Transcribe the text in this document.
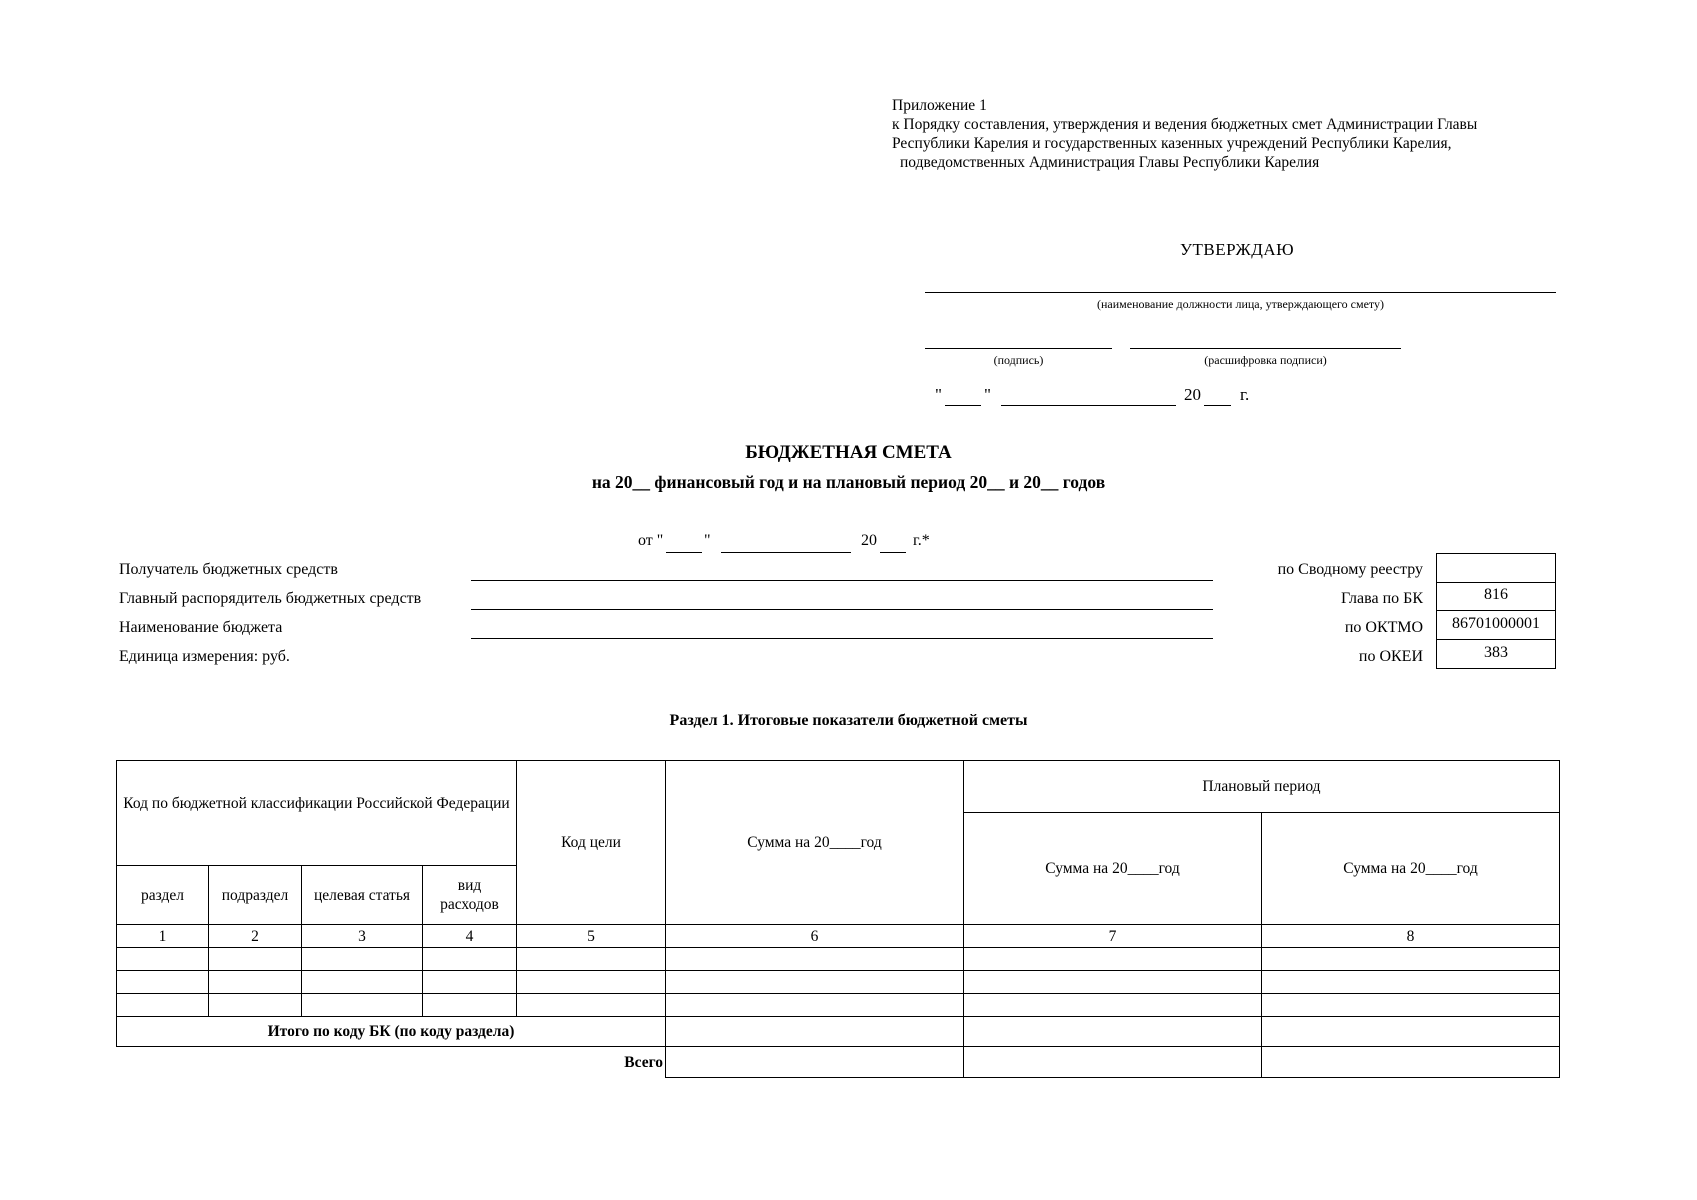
Приложение 1
к Порядку составления, утверждения и ведения бюджетных смет Администрации Главы
Республики Карелия и государственных казенных учреждений Республики Карелия,
подведомственных Администрация Главы Республики Карелия
УТВЕРЖДАЮ
(наименование должности лица, утверждающего смету)
(подпись)	(расшифровка подписи)
" "	20 г.
БЮДЖЕТНАЯ СМЕТА
на 20__ финансовый год и на плановый период 20__ и 20__ годов
от "	"	20 г.*
Получатель бюджетных средств	по Сводному реестру
Главный распорядитель бюджетных средств	Глава по БК	816
Наименование бюджета	по ОКТМО	86701000001
Единица измерения: руб.	по ОКЕИ	383
Раздел 1. Итоговые показатели бюджетной сметы
Код по бюджетной классификации Российской Федерации				Код цели	Сумма на 20____год	Плановый период	
						Сумма на 20____год	Сумма на 20____год
раздел	подраздел	целевая статья	вид расходов				
1	2	3	4	5	6	7	8

Итого по коду БК (по коду раздела)							
Всего							
